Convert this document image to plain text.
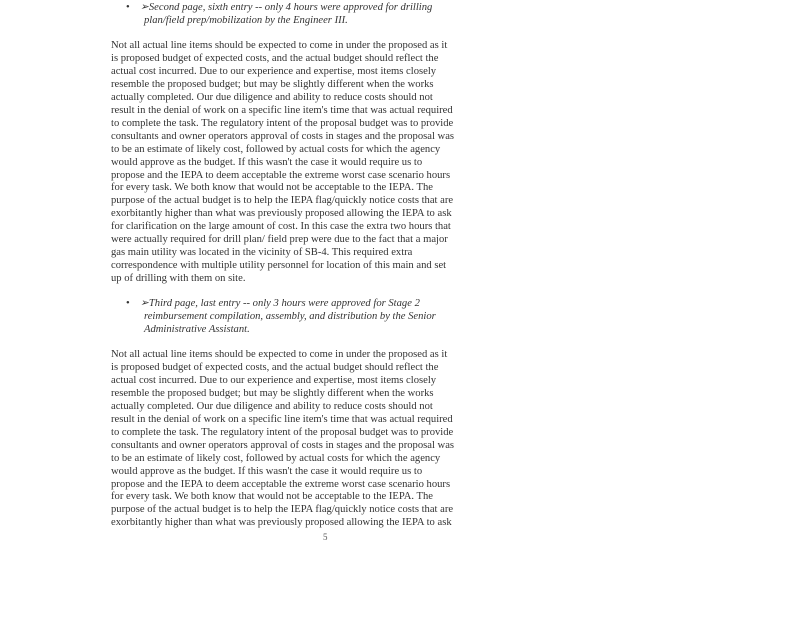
• ➢Second page, sixth entry -- only 4 hours were approved for drilling
plan/field prep/mobilization by the Engineer III.
Not all actual line items should be expected to come in under the proposed as it
is proposed budget of expected costs, and the actual budget should reflect the
actual cost incurred. Due to our experience and expertise, most items closely
resemble the proposed budget; but may be slightly different when the works
actually completed. Our due diligence and ability to reduce costs should not
result in the denial of work on a specific line item's time that was actual required
to complete the task. The regulatory intent of the proposal budget was to provide
consultants and owner operators approval of costs in stages and the proposal was
to be an estimate of likely cost, followed by actual costs for which the agency
would approve as the budget. If this wasn't the case it would require us to
propose and the IEPA to deem acceptable the extreme worst case scenario hours
for every task. We both know that would not be acceptable to the IEPA. The
purpose of the actual budget is to help the IEPA flag/quickly notice costs that are
exorbitantly higher than what was previously proposed allowing the IEPA to ask
for clarification on the large amount of cost. In this case the extra two hours that
were actually required for drill plan/ field prep were due to the fact that a major
gas main utility was located in the vicinity of SB-4. This required extra
correspondence with multiple utility personnel for location of this main and set
up of drilling with them on site.
• ➢Third page, last entry -- only 3 hours were approved for Stage 2
reimbursement compilation, assembly, and distribution by the Senior
Administrative Assistant.
Not all actual line items should be expected to come in under the proposed as it
is proposed budget of expected costs, and the actual budget should reflect the
actual cost incurred. Due to our experience and expertise, most items closely
resemble the proposed budget; but may be slightly different when the works
actually completed. Our due diligence and ability to reduce costs should not
result in the denial of work on a specific line item's time that was actual required
to complete the task. The regulatory intent of the proposal budget was to provide
consultants and owner operators approval of costs in stages and the proposal was
to be an estimate of likely cost, followed by actual costs for which the agency
would approve as the budget. If this wasn't the case it would require us to
propose and the IEPA to deem acceptable the extreme worst case scenario hours
for every task. We both know that would not be acceptable to the IEPA. The
purpose of the actual budget is to help the IEPA flag/quickly notice costs that are
exorbitantly higher than what was previously proposed allowing the IEPA to ask
5
